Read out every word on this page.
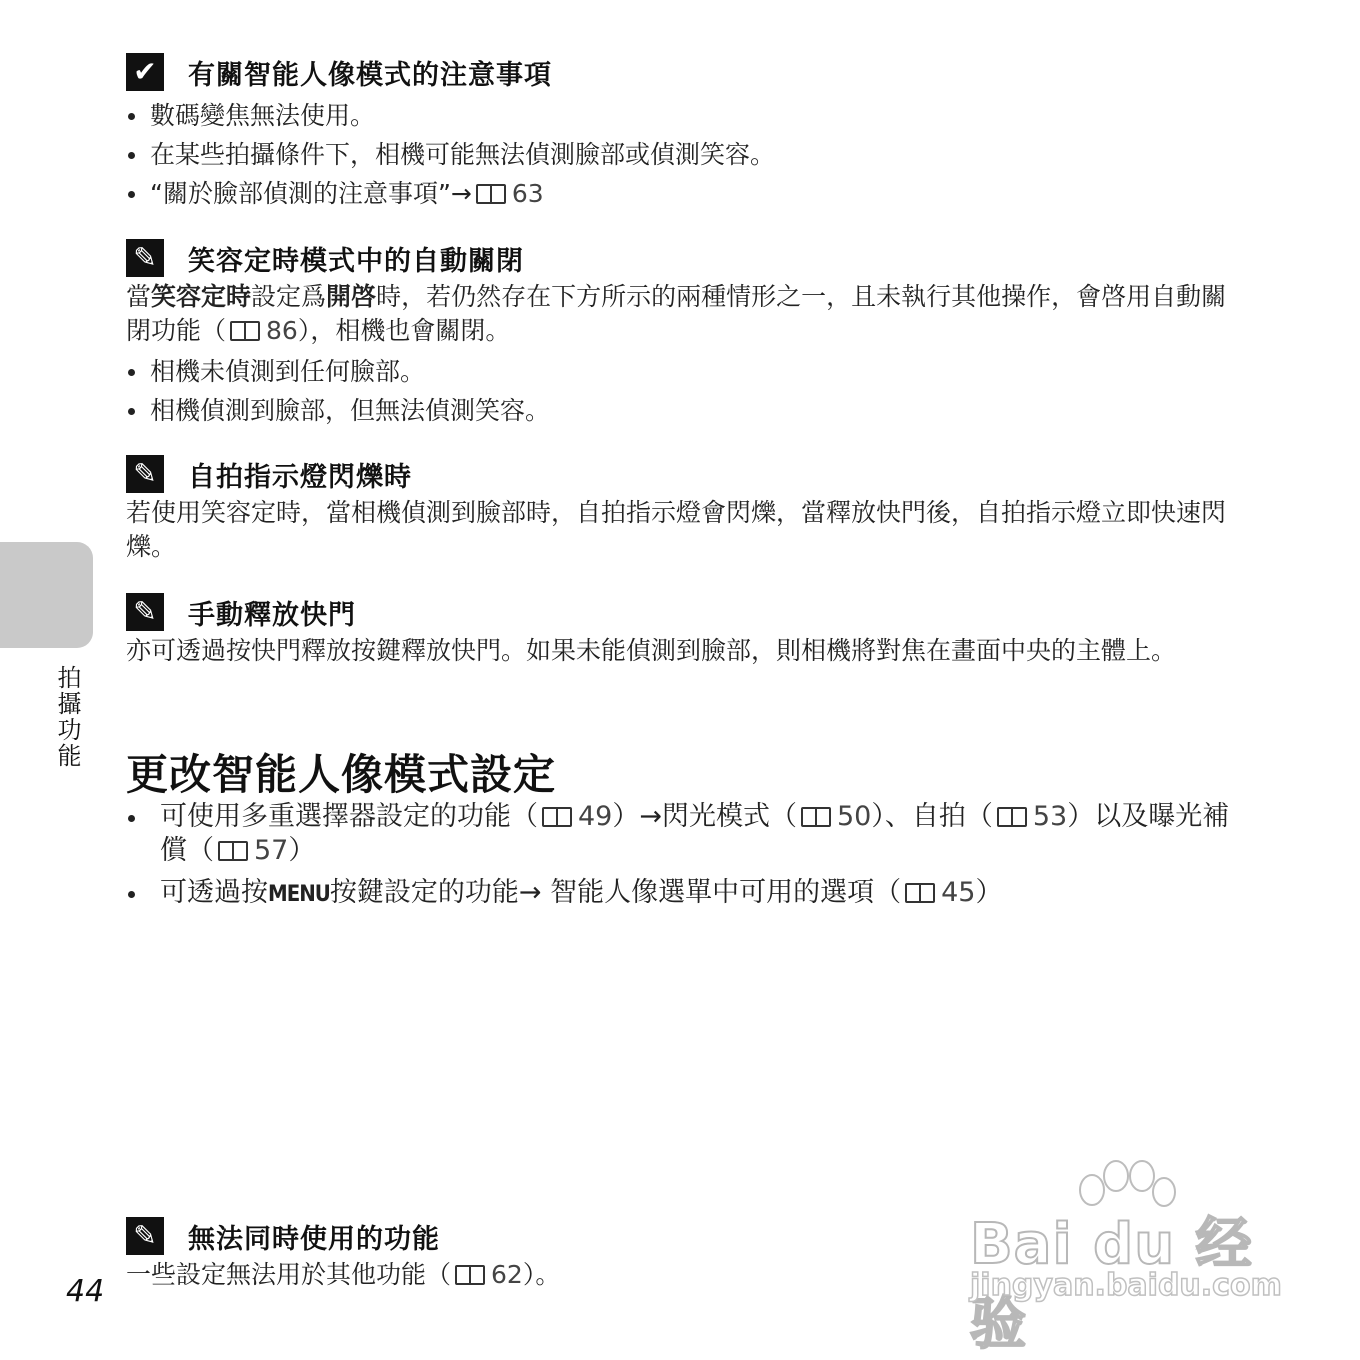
✔ 有關智能人像模式的注意事項
數碼變焦無法使用。
在某些拍攝條件下，相機可能無法偵測臉部或偵測笑容。
“關於臉部偵測的注意事項”→ 63
✎ 笑容定時模式中的自動關閉

當笑容定時設定爲開啓時，若仍然存在下方所示的兩種情形之一，且未執行其他操作，會啓用自動關閉功能（ 86），相機也會關閉。

相機未偵測到任何臉部。
相機偵測到臉部，但無法偵測笑容。
✎ 自拍指示燈閃爍時

若使用笑容定時，當相機偵測到臉部時，自拍指示燈會閃爍，當釋放快門後，自拍指示燈立即快速閃爍。

✎ 手動釋放快門

亦可透過按快門釋放按鍵釋放快門。如果未能偵測到臉部，則相機將對焦在畫面中央的主體上。

更改智能人像模式設定
可使用多重選擇器設定的功能（ 49）→閃光模式（ 50）、自拍（ 53）以及曝光補償（ 57）
可透過按MENU按鍵設定的功能→ 智能人像選單中可用的選項（ 45）
✎ 無法同時使用的功能

一些設定無法用於其他功能（ 62）。

拍攝功能
44
Bai du 经验
jingyan.baidu.com
